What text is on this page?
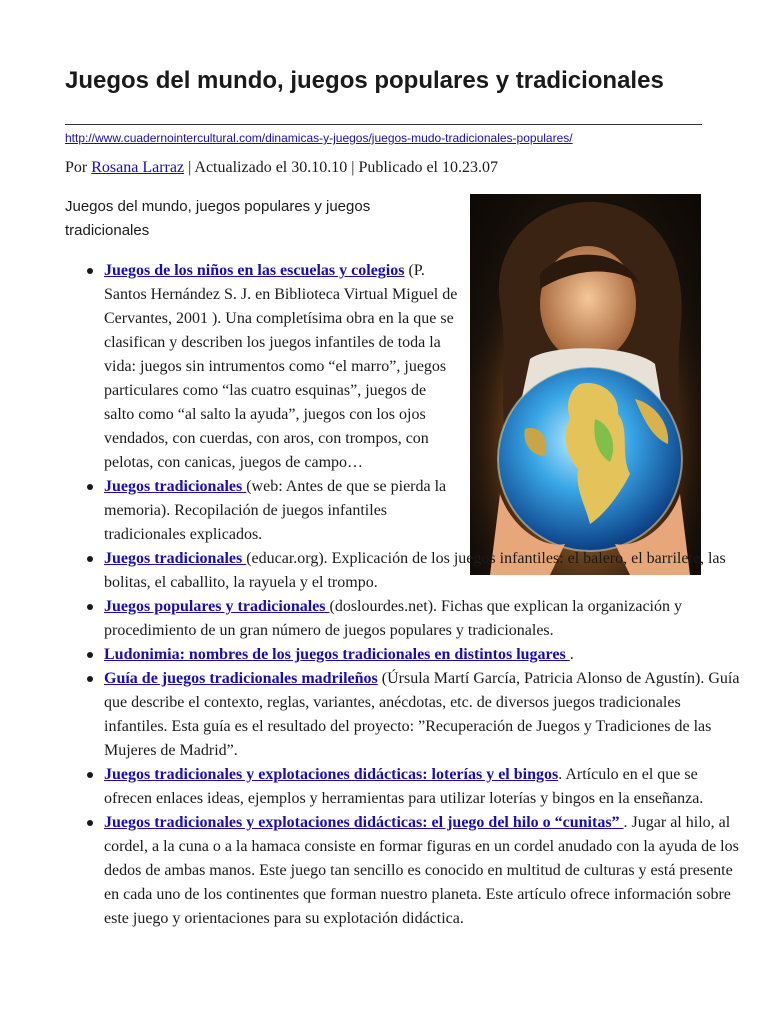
Juegos del mundo, juegos populares y tradicionales
http://www.cuadernointercultural.com/dinamicas-y-juegos/juegos-mudo-tradicionales-populares/
Por Rosana Larraz | Actualizado el 30.10.10 | Publicado el 10.23.07

Juegos del mundo, juegos populares y juegos tradicionales

Juegos de los niños en las escuelas y colegios (P. Santos Hernández S. J. en Biblioteca Virtual Miguel de Cervantes, 2001 ). Una completísima obra en la que se clasifican y describen los juegos infantiles de toda la vida: juegos sin intrumentos como “el marro”, juegos particulares como “las cuatro esquinas”, juegos de salto como “al salto la ayuda”, juegos con los ojos vendados, con cuerdas, con aros, con trompos, con pelotas, con canicas, juegos de campo…
Juegos tradicionales (web: Antes de que se pierda la memoria). Recopilación de juegos infantiles tradicionales explicados.
Juegos tradicionales (educar.org). Explicación de los juegos infantiles: el balero, el barrilete, las bolitas, el caballito, la rayuela y el trompo.
Juegos populares y tradicionales (doslourdes.net). Fichas que explican la organización y procedimiento de un gran número de juegos populares y tradicionales.
Ludonimia: nombres de los juegos tradicionales en distintos lugares .
Guía de juegos tradicionales madrileños (Úrsula Martí García, Patricia Alonso de Agustín). Guía que describe el contexto, reglas, variantes, anécdotas, etc. de diversos juegos tradicionales infantiles. Esta guía es el resultado del proyecto: ”Recuperación de Juegos y Tradiciones de las Mujeres de Madrid”.
Juegos tradicionales y explotaciones didácticas: loterías y el bingos. Artículo en el que se ofrecen enlaces ideas, ejemplos y herramientas para utilizar loterías y bingos en la enseñanza.
Juegos tradicionales y explotaciones didácticas: el juego del hilo o “cunitas” . Jugar al hilo, al cordel, a la cuna o a la hamaca consiste en formar figuras en un cordel anudado con la ayuda de los dedos de ambas manos. Este juego tan sencillo es conocido en multitud de culturas y está presente en cada uno de los continentes que forman nuestro planeta. Este artículo ofrece información sobre este juego y orientaciones para su explotación didáctica.
